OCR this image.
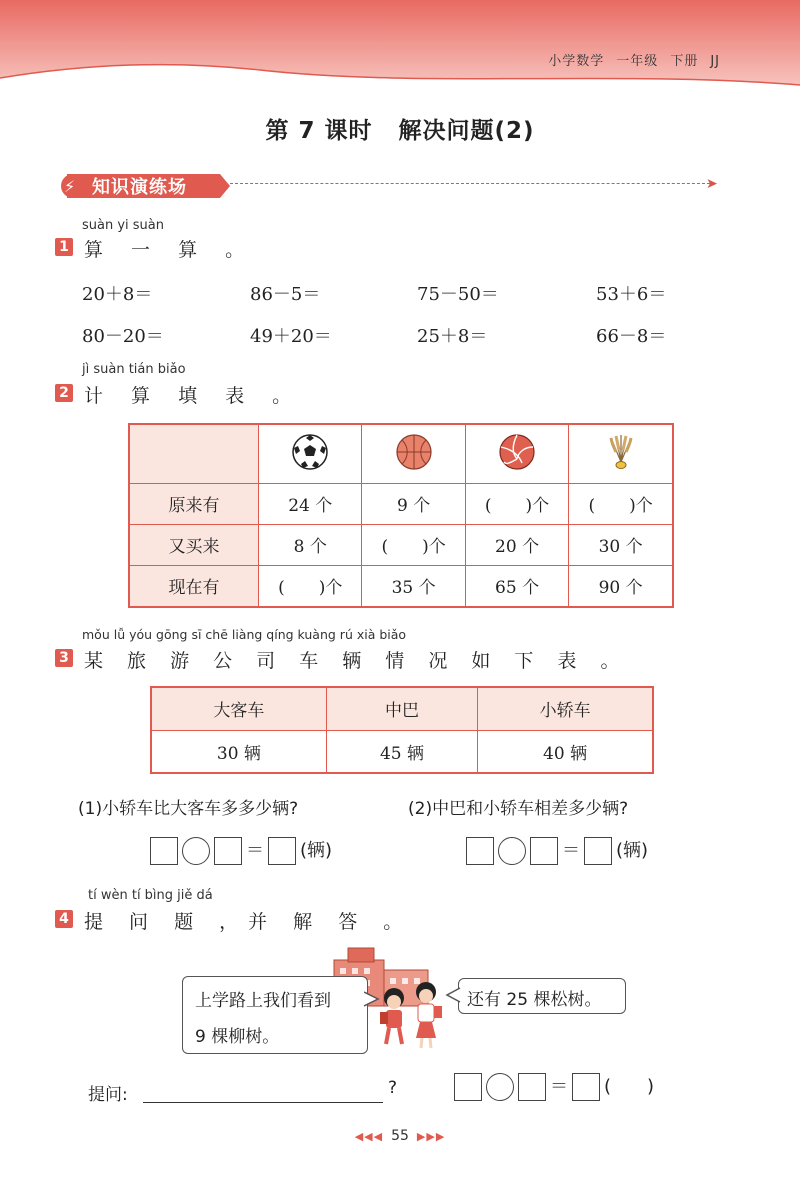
小学数学 一年级 下册 JJ
第 7 课时 解决问题(2)
⚡ 知识演练场	➤
suàn yi suàn
1 算 一 算 。
20＋8＝	86－5＝	75－50＝	53＋6＝
80－20＝	49＋20＝	25＋8＝	66－8＝
jì suàn tián biǎo
2 计 算 填 表 。

原来有	24 个	9 个	(　　)个	(　　)个
又买来	8 个	(　　)个	20 个	30 个
现在有	(　　)个	35 个	65 个	90 个
mǒu lǚ yóu gōng sī chē liàng qíng kuàng rú xià biǎo
3 某 旅 游 公 司 车 辆 情 况 如 下 表 。
大客车	中巴	小轿车
30 辆	45 辆	40 辆
(1)小轿车比大客车多多少辆?	(2)中巴和小轿车相差多少辆?
＝ (辆)	＝ (辆)
tí wèn tí bìng jiě dá
4 提 问 题 ，并 解 答 。
上学路上我们看到
9 棵柳树。
还有 25 棵松树。
提问:	?	＝ (　　)
◀◀◀ 55 ▶▶▶
